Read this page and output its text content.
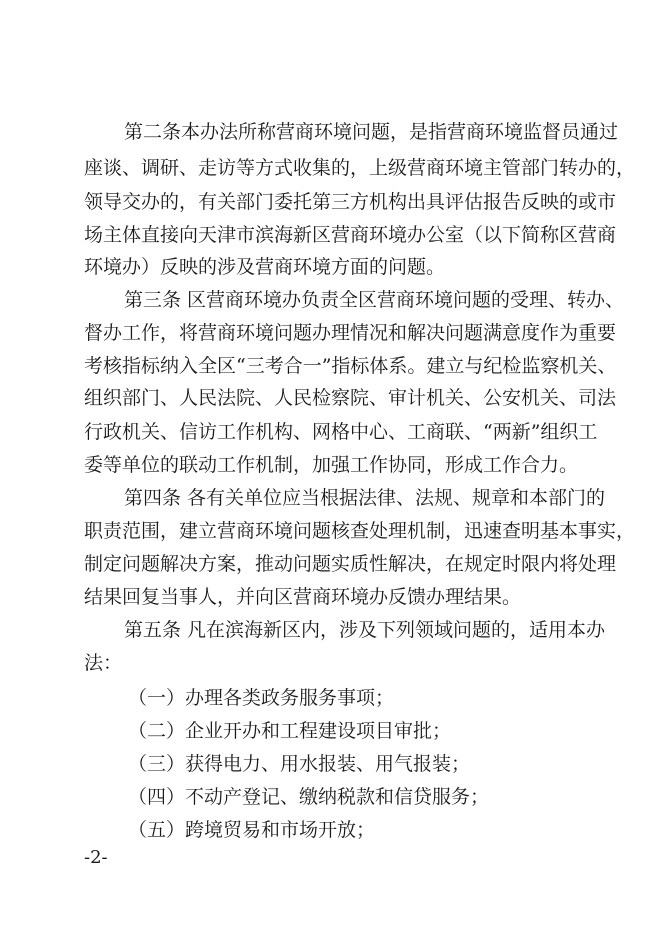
第二条本办法所称营商环境问题，是指营商环境监督员通过
座谈、调研、走访等方式收集的，上级营商环境主管部门转办的，
领导交办的，有关部门委托第三方机构出具评估报告反映的或市
场主体直接向天津市滨海新区营商环境办公室（以下简称区营商
环境办）反映的涉及营商环境方面的问题。
第三条 区营商环境办负责全区营商环境问题的受理、转办、
督办工作，将营商环境问题办理情况和解决问题满意度作为重要
考核指标纳入全区“三考合一”指标体系。建立与纪检监察机关、
组织部门、人民法院、人民检察院、审计机关、公安机关、司法
行政机关、信访工作机构、网格中心、工商联、“两新”组织工
委等单位的联动工作机制，加强工作协同，形成工作合力。
第四条 各有关单位应当根据法律、法规、规章和本部门的
职责范围，建立营商环境问题核查处理机制，迅速查明基本事实，
制定问题解决方案，推动问题实质性解决，在规定时限内将处理
结果回复当事人，并向区营商环境办反馈办理结果。
第五条 凡在滨海新区内，涉及下列领域问题的，适用本办
法：
（一）办理各类政务服务事项；
（二）企业开办和工程建设项目审批；
（三）获得电力、用水报装、用气报装；
（四）不动产登记、缴纳税款和信贷服务；
（五）跨境贸易和市场开放；
-2-
